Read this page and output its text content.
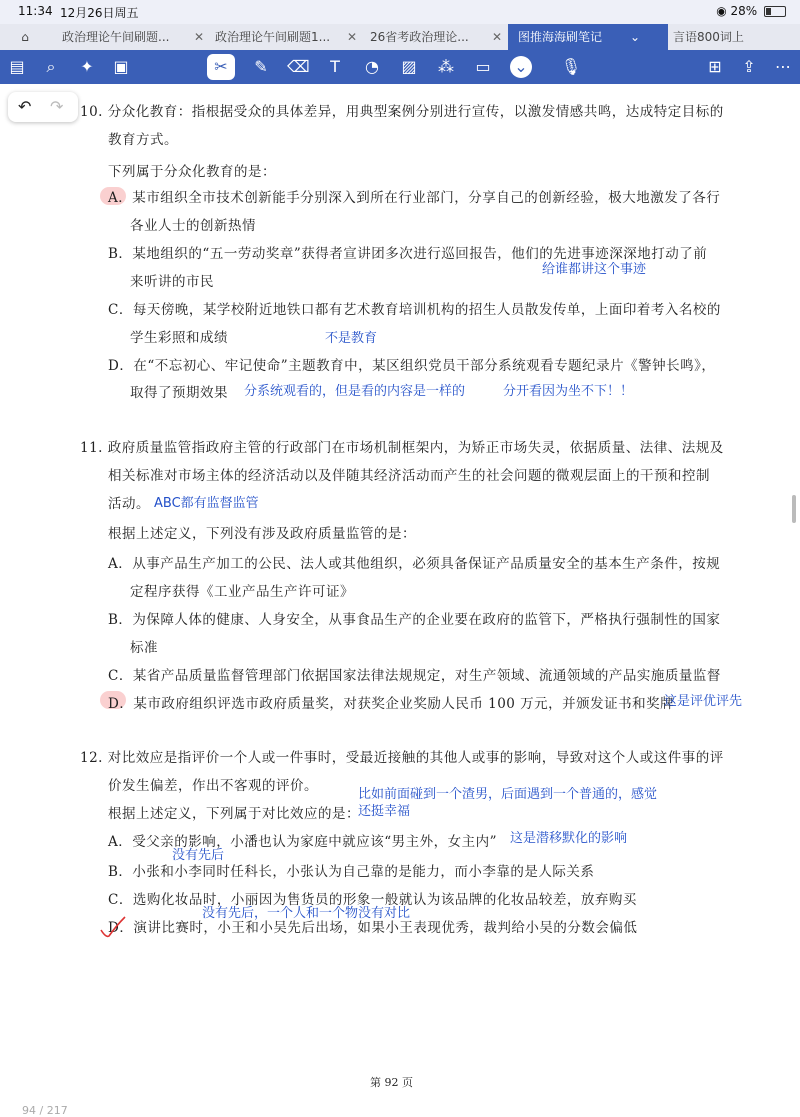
11:34 12月26日周五	◉ 28%
⌂	政治理论午间刷题... ✕ 政治理论午间刷题1... ✕	26省考政治理论... ✕	图推海海刷笔记 ⌄	言语800词上
▤	⌕	✦ ▣	✂	✎ ⌫	T	◔ ▨ ⁂ ▭ ⌄	🎙	⊞ ⇪ ⋯
↶ ↷ 10. 分众化教育：指根据受众的具体差异，用典型案例分别进行宣传，以激发情感共鸣，达成特定目标的
教育方式。
下列属于分众化教育的是：
A．某市组织全市技术创新能手分别深入到所在行业部门，分享自己的创新经验，极大地激发了各行
各业人士的创新热情
B．某地组织的“五一劳动奖章”获得者宣讲团多次进行巡回报告，他们的先进事迹深深地打动了前
来听讲的市民
给谁都讲这个事迹
C．每天傍晚，某学校附近地铁口都有艺术教育培训机构的招生人员散发传单，上面印着考入名校的
学生彩照和成绩	不是教育
D．在“不忘初心、牢记使命”主题教育中，某区组织党员干部分系统观看专题纪录片《警钟长鸣》，
取得了预期效果 分系统观看的，但是看的内容是一样的	分开看因为坐不下！！
11. 政府质量监管指政府主管的行政部门在市场机制框架内，为矫正市场失灵，依据质量、法律、法规及
相关标准对市场主体的经济活动以及伴随其经济活动而产生的社会问题的微观层面上的干预和控制
活动。 ABC都有监督监管
根据上述定义，下列没有涉及政府质量监管的是：
A．从事产品生产加工的公民、法人或其他组织，必须具备保证产品质量安全的基本生产条件，按规
定程序获得《工业产品生产许可证》
B．为保障人体的健康、人身安全，从事食品生产的企业要在政府的监管下，严格执行强制性的国家
标准
C．某省产品质量监督管理部门依据国家法律法规规定，对生产领域、流通领域的产品实施质量监督
D．某市政府组织评选市政府质量奖，对获奖企业奖励人民币 100 万元，并颁发证书和奖牌
这是评优评先
12. 对比效应是指评价一个人或一件事时，受最近接触的其他人或事的影响，导致对这个人或这件事的评
价发生偏差，作出不客观的评价。
比如前面碰到一个渣男，后面遇到一个普通的，感觉
根据上述定义，下列属于对比效应的是：
还挺幸福
A．受父亲的影响，小潘也认为家庭中就应该“男主外，女主内” 这是潜移默化的影响
没有先后
B．小张和小李同时任科长，小张认为自己靠的是能力，而小李靠的是人际关系
C．选购化妆品时，小丽因为售货员的形象一般就认为该品牌的化妆品较差，放弃购买
没有先后，一个人和一个物没有对比
D．演讲比赛时，小王和小吴先后出场，如果小王表现优秀，裁判给小吴的分数会偏低
第 92 页
94 / 217
